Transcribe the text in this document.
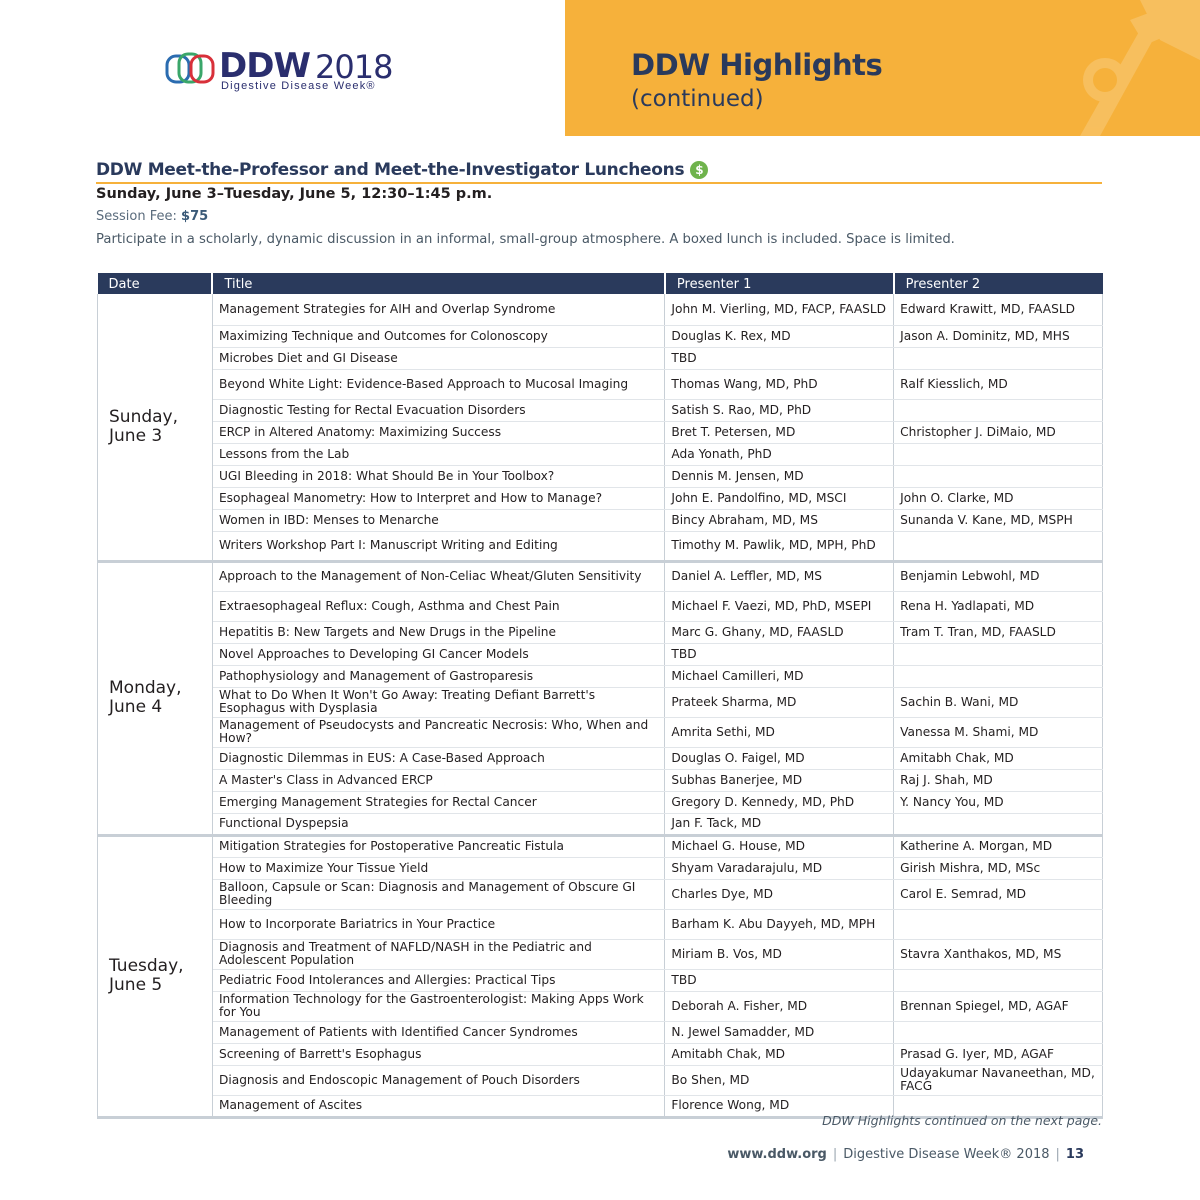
DDW 2018
Digestive Disease Week®
DDW Highlights
(continued)
DDW Meet-the-Professor and Meet-the-Investigator Luncheons $
Sunday, June 3–Tuesday, June 5, 12:30–1:45 p.m.
Session Fee: $75
Participate in a scholarly, dynamic discussion in an informal, small-group atmosphere. A boxed lunch is included. Space is limited.
Date	Title	Presenter 1	Presenter 2
Sunday,
June 3	Management Strategies for AIH and Overlap Syndrome	John M. Vierling, MD, FACP, FAASLD	Edward Krawitt, MD, FAASLD
	Maximizing Technique and Outcomes for Colonoscopy	Douglas K. Rex, MD	Jason A. Dominitz, MD, MHS
	Microbes Diet and GI Disease	TBD	
	Beyond White Light: Evidence-Based Approach to Mucosal Imaging	Thomas Wang, MD, PhD	Ralf Kiesslich, MD
	Diagnostic Testing for Rectal Evacuation Disorders	Satish S. Rao, MD, PhD	
	ERCP in Altered Anatomy: Maximizing Success	Bret T. Petersen, MD	Christopher J. DiMaio, MD
	Lessons from the Lab	Ada Yonath, PhD	
	UGI Bleeding in 2018: What Should Be in Your Toolbox?	Dennis M. Jensen, MD	
	Esophageal Manometry: How to Interpret and How to Manage?	John E. Pandolfino, MD, MSCI	John O. Clarke, MD
	Women in IBD: Menses to Menarche	Bincy Abraham, MD, MS	Sunanda V. Kane, MD, MSPH
	Writers Workshop Part I: Manuscript Writing and Editing	Timothy M. Pawlik, MD, MPH, PhD	
Monday,
June 4	Approach to the Management of Non-Celiac Wheat/Gluten Sensitivity	Daniel A. Leffler, MD, MS	Benjamin Lebwohl, MD
	Extraesophageal Reflux: Cough, Asthma and Chest Pain	Michael F. Vaezi, MD, PhD, MSEPI	Rena H. Yadlapati, MD
	Hepatitis B: New Targets and New Drugs in the Pipeline	Marc G. Ghany, MD, FAASLD	Tram T. Tran, MD, FAASLD
	Novel Approaches to Developing GI Cancer Models	TBD	
	Pathophysiology and Management of Gastroparesis	Michael Camilleri, MD	
	What to Do When It Won't Go Away: Treating Defiant Barrett's Esophagus with Dysplasia	Prateek Sharma, MD	Sachin B. Wani, MD
	Management of Pseudocysts and Pancreatic Necrosis: Who, When and How?	Amrita Sethi, MD	Vanessa M. Shami, MD
	Diagnostic Dilemmas in EUS: A Case-Based Approach	Douglas O. Faigel, MD	Amitabh Chak, MD
	A Master's Class in Advanced ERCP	Subhas Banerjee, MD	Raj J. Shah, MD
	Emerging Management Strategies for Rectal Cancer	Gregory D. Kennedy, MD, PhD	Y. Nancy You, MD
	Functional Dyspepsia	Jan F. Tack, MD	
Tuesday,
June 5	Mitigation Strategies for Postoperative Pancreatic Fistula	Michael G. House, MD	Katherine A. Morgan, MD
	How to Maximize Your Tissue Yield	Shyam Varadarajulu, MD	Girish Mishra, MD, MSc
	Balloon, Capsule or Scan: Diagnosis and Management of Obscure GI Bleeding	Charles Dye, MD	Carol E. Semrad, MD
	How to Incorporate Bariatrics in Your Practice	Barham K. Abu Dayyeh, MD, MPH	
	Diagnosis and Treatment of NAFLD/NASH in the Pediatric and Adolescent Population	Miriam B. Vos, MD	Stavra Xanthakos, MD, MS
	Pediatric Food Intolerances and Allergies: Practical Tips	TBD	
	Information Technology for the Gastroenterologist: Making Apps Work for You	Deborah A. Fisher, MD	Brennan Spiegel, MD, AGAF
	Management of Patients with Identified Cancer Syndromes	N. Jewel Samadder, MD	
	Screening of Barrett's Esophagus	Amitabh Chak, MD	Prasad G. Iyer, MD, AGAF
	Diagnosis and Endoscopic Management of Pouch Disorders	Bo Shen, MD	Udayakumar Navaneethan, MD, FACG
	Management of Ascites	Florence Wong, MD	
DDW Highlights continued on the next page.
www.ddw.org | Digestive Disease Week® 2018 | 13
